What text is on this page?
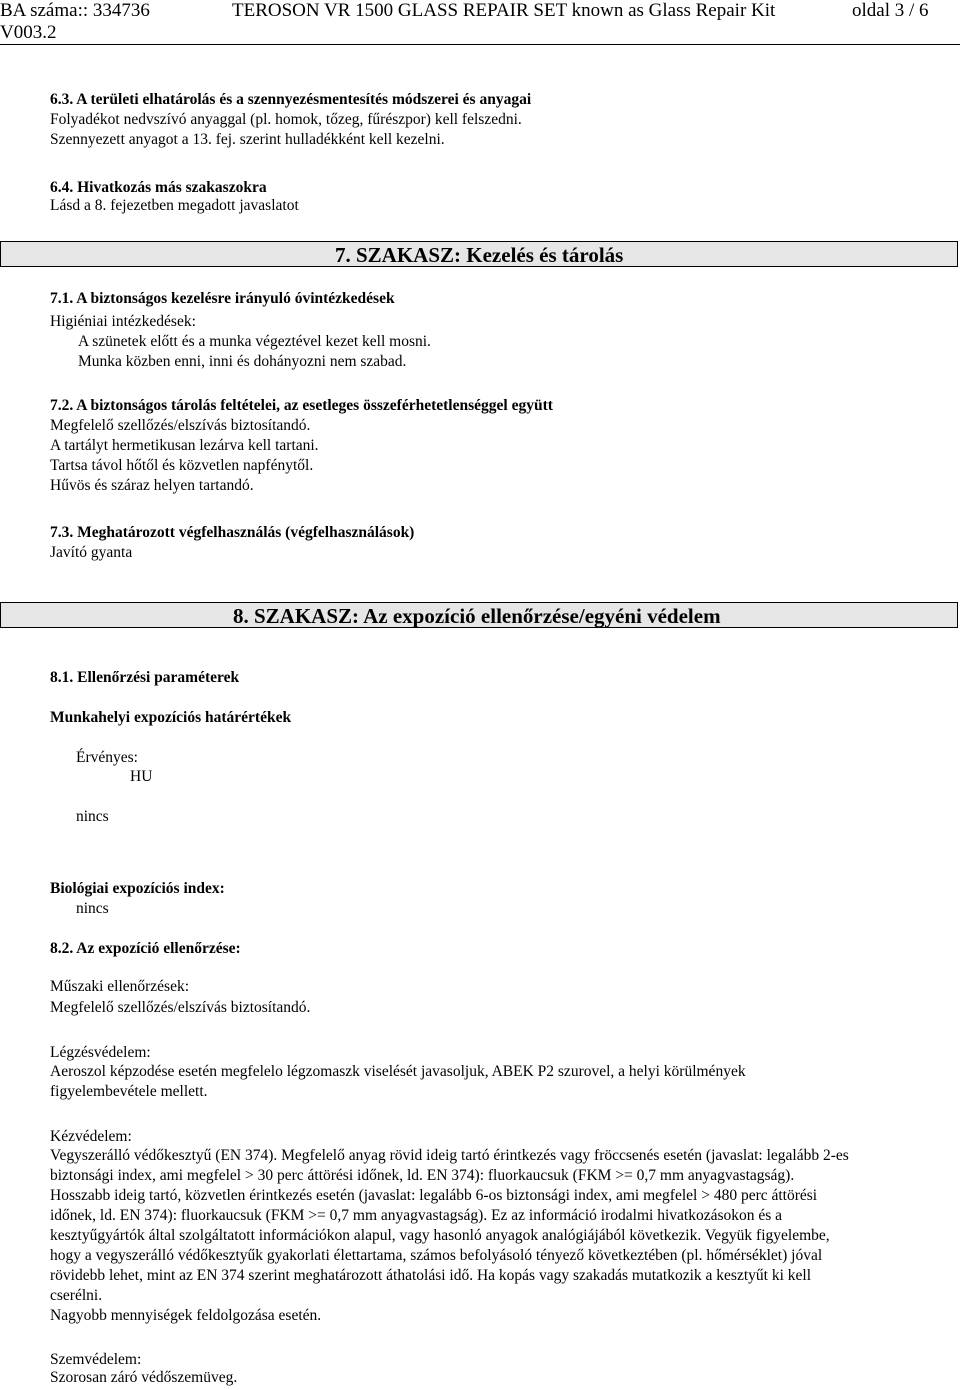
BA száma:: 334736
V003.2
TEROSON VR 1500 GLASS REPAIR SET known as Glass Repair Kit	oldal 3 / 6
6.3. A területi elhatárolás és a szennyezésmentesítés módszerei és anyagai
Folyadékot nedvszívó anyaggal (pl. homok, tőzeg, fűrészpor) kell felszedni.
Szennyezett anyagot a 13. fej. szerint hulladékként kell kezelni.
6.4. Hivatkozás más szakaszokra
Lásd a 8. fejezetben megadott javaslatot
7. SZAKASZ: Kezelés és tárolás
7.1. A biztonságos kezelésre irányuló óvintézkedések
Higiéniai intézkedések:
A szünetek előtt és a munka végeztével kezet kell mosni.
Munka közben enni, inni és dohányozni nem szabad.
7.2. A biztonságos tárolás feltételei, az esetleges összeférhetetlenséggel együtt
Megfelelő szellőzés/elszívás biztosítandó.
A tartályt hermetikusan lezárva kell tartani.
Tartsa távol hőtől és közvetlen napfénytől.
Hűvös és száraz helyen tartandó.
7.3. Meghatározott végfelhasználás (végfelhasználások)
Javító gyanta
8. SZAKASZ: Az expozíció ellenőrzése/egyéni védelem
8.1. Ellenőrzési paraméterek
Munkahelyi expozíciós határértékek
Érvényes:
HU
nincs
Biológiai expozíciós index:
nincs
8.2. Az expozíció ellenőrzése:
Műszaki ellenőrzések:
Megfelelő szellőzés/elszívás biztosítandó.
Légzésvédelem:
Aeroszol képzodése esetén megfelelo légzomaszk viselését javasoljuk, ABEK P2 szurovel, a helyi körülmények
figyelembevétele mellett.
Kézvédelem:
Vegyszerálló védőkesztyű (EN 374). Megfelelő anyag rövid ideig tartó érintkezés vagy fröccsenés esetén (javaslat: legalább 2-es
biztonsági index, ami megfelel > 30 perc áttörési időnek, ld. EN 374): fluorkaucsuk (FKM >= 0,7 mm anyagvastagság).
Hosszabb ideig tartó, közvetlen érintkezés esetén (javaslat: legalább 6-os biztonsági index, ami megfelel > 480 perc áttörési
időnek, ld. EN 374): fluorkaucsuk (FKM >= 0,7 mm anyagvastagság). Ez az információ irodalmi hivatkozásokon és a
kesztyűgyártók által szolgáltatott információkon alapul, vagy hasonló anyagok analógiájából következik. Vegyük figyelembe,
hogy a vegyszerálló védőkesztyűk gyakorlati élettartama, számos befolyásoló tényező következtében (pl. hőmérséklet) jóval
rövidebb lehet, mint az EN 374 szerint meghatározott áthatolási idő. Ha kopás vagy szakadás mutatkozik a kesztyűt ki kell
cserélni.
Nagyobb mennyiségek feldolgozása esetén.
Szemvédelem:
Szorosan záró védőszemüveg.
